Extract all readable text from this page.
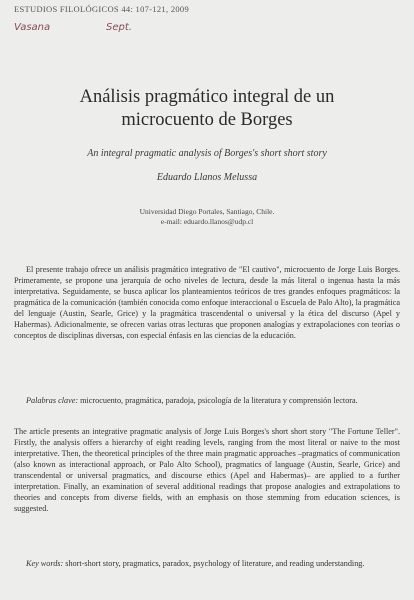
ESTUDIOS FILOLÓGICOS 44: 107-121, 2009
Vasana	Sept.
Análisis pragmático integral de un microcuento de Borges
An integral pragmatic analysis of Borges's short short story
Eduardo Llanos Melussa
Universidad Diego Portales, Santiago, Chile.
e-mail: eduardo.llanos@udp.cl

El presente trabajo ofrece un análisis pragmático integrativo de "El cautivo", microcuento de Jorge Luis Borges. Primeramente, se propone una jerarquía de ocho niveles de lectura, desde la más literal o ingenua hasta la más interpretativa. Seguidamente, se busca aplicar los planteamientos teóricos de tres grandes enfoques pragmáticos: la pragmática de la comunicación (también conocida como enfoque interaccional o Escuela de Palo Alto), la pragmática del lenguaje (Austin, Searle, Grice) y la pragmática trascendental o universal y la ética del discurso (Apel y Habermas). Adicionalmente, se ofrecen varias otras lecturas que proponen analogías y extrapolaciones con teorías o conceptos de disciplinas diversas, con especial énfasis en las ciencias de la educación.

Palabras clave: microcuento, pragmática, paradoja, psicología de la literatura y comprensión lectora.

The article presents an integrative pragmatic analysis of Jorge Luis Borges's short short story "The Fortune Teller". Firstly, the analysis offers a hierarchy of eight reading levels, ranging from the most literal or naive to the most interpretative. Then, the theoretical principles of the three main pragmatic approaches –pragmatics of communication (also known as interactional approach, or Palo Alto School), pragmatics of language (Austin, Searle, Grice) and transcendental or universal pragmatics, and discourse ethics (Apel and Habermas)– are applied to a further interpretation. Finally, an examination of several additional readings that propose analogies and extrapolations to theories and concepts from diverse fields, with an emphasis on those stemming from education sciences, is suggested.

Key words: short-short story, pragmatics, paradox, psychology of literature, and reading understanding.
